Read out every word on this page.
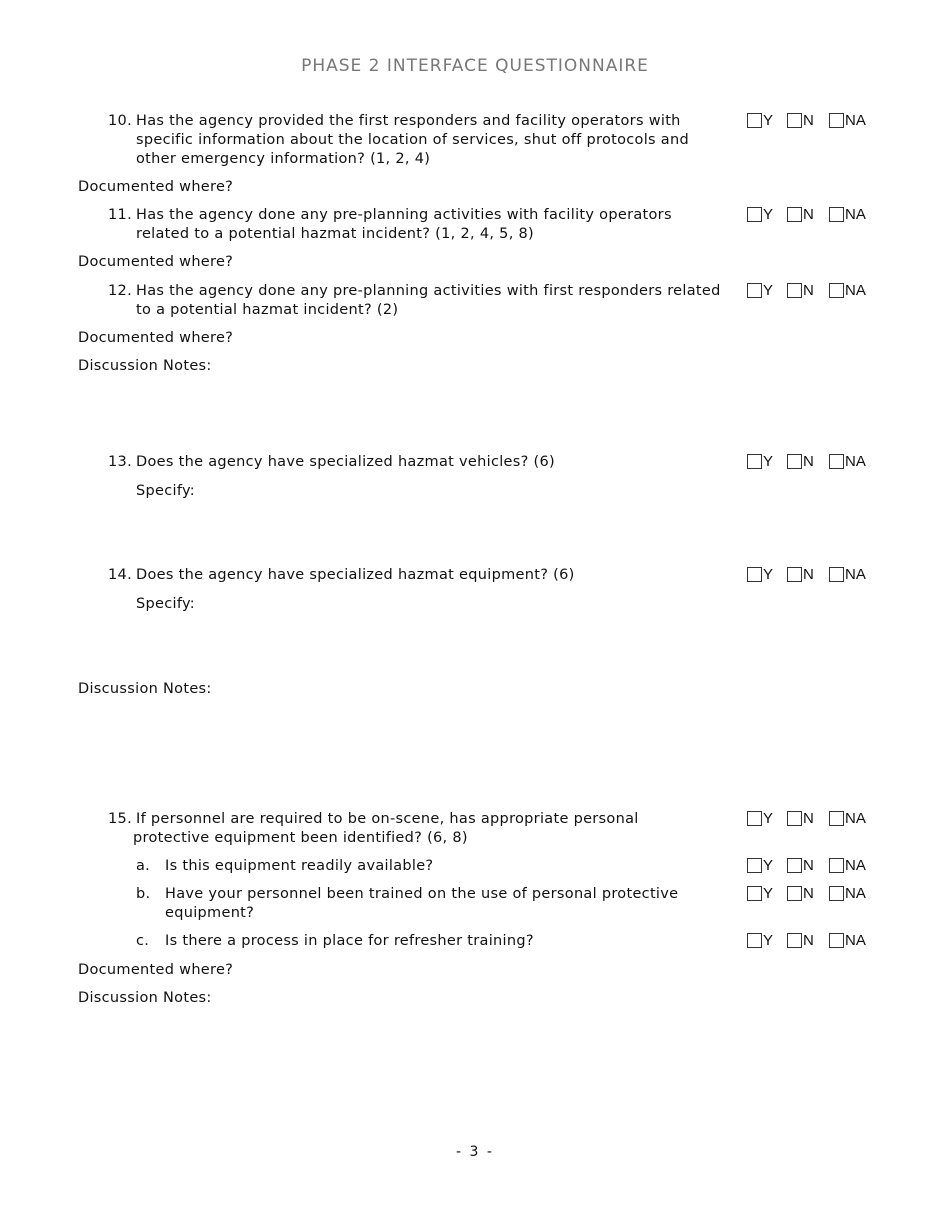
PHASE 2 INTERFACE QUESTIONNAIRE
10. Has the agency provided the first responders and facility operators with
specific information about the location of services, shut off protocols and
other emergency information? (1, 2, 4)
Y N NA
Documented where?
11. Has the agency done any pre-planning activities with facility operators
related to a potential hazmat incident? (1, 2, 4, 5, 8)
Y N NA
Documented where?
12. Has the agency done any pre-planning activities with first responders related
to a potential hazmat incident? (2)
Y N NA
Documented where?
Discussion Notes:
13. Does the agency have specialized hazmat vehicles? (6)	Y N NA
Specify:
14. Does the agency have specialized hazmat equipment? (6)	Y N NA
Specify:
Discussion Notes:
15. If personnel are required to be on-scene, has appropriate personal
protective equipment been identified? (6, 8)
Y N NA
a. Is this equipment readily available?	Y N NA
b. Have your personnel been trained on the use of personal protective
equipment?
Y N NA
c. Is there a process in place for refresher training?	Y N NA
Documented where?
Discussion Notes:
- 3 -
